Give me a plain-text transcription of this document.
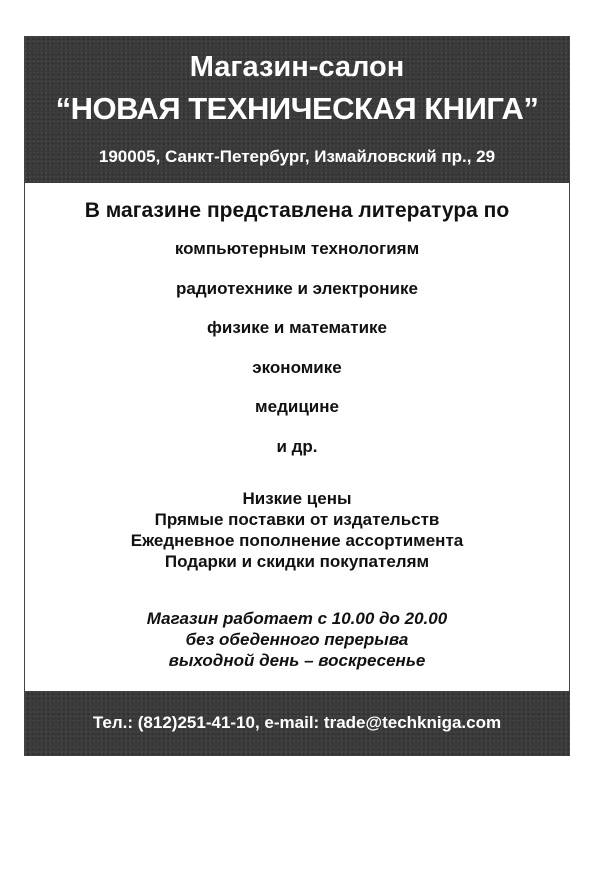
Магазин-салон
“НОВАЯ ТЕХНИЧЕСКАЯ КНИГА”
190005, Санкт-Петербург, Измайловский пр., 29
В магазине представлена литература по
компьютерным технологиям
радиотехнике и электронике
физике и математике
экономике
медицине
и др.
Низкие цены
Прямые поставки от издательств
Ежедневное пополнение ассортимента
Подарки и скидки покупателям
Магазин работает с 10.00 до 20.00
без обеденного перерыва
выходной день – воскресенье
Тел.: (812)251-41-10, e-mail: trade@techkniga.com
